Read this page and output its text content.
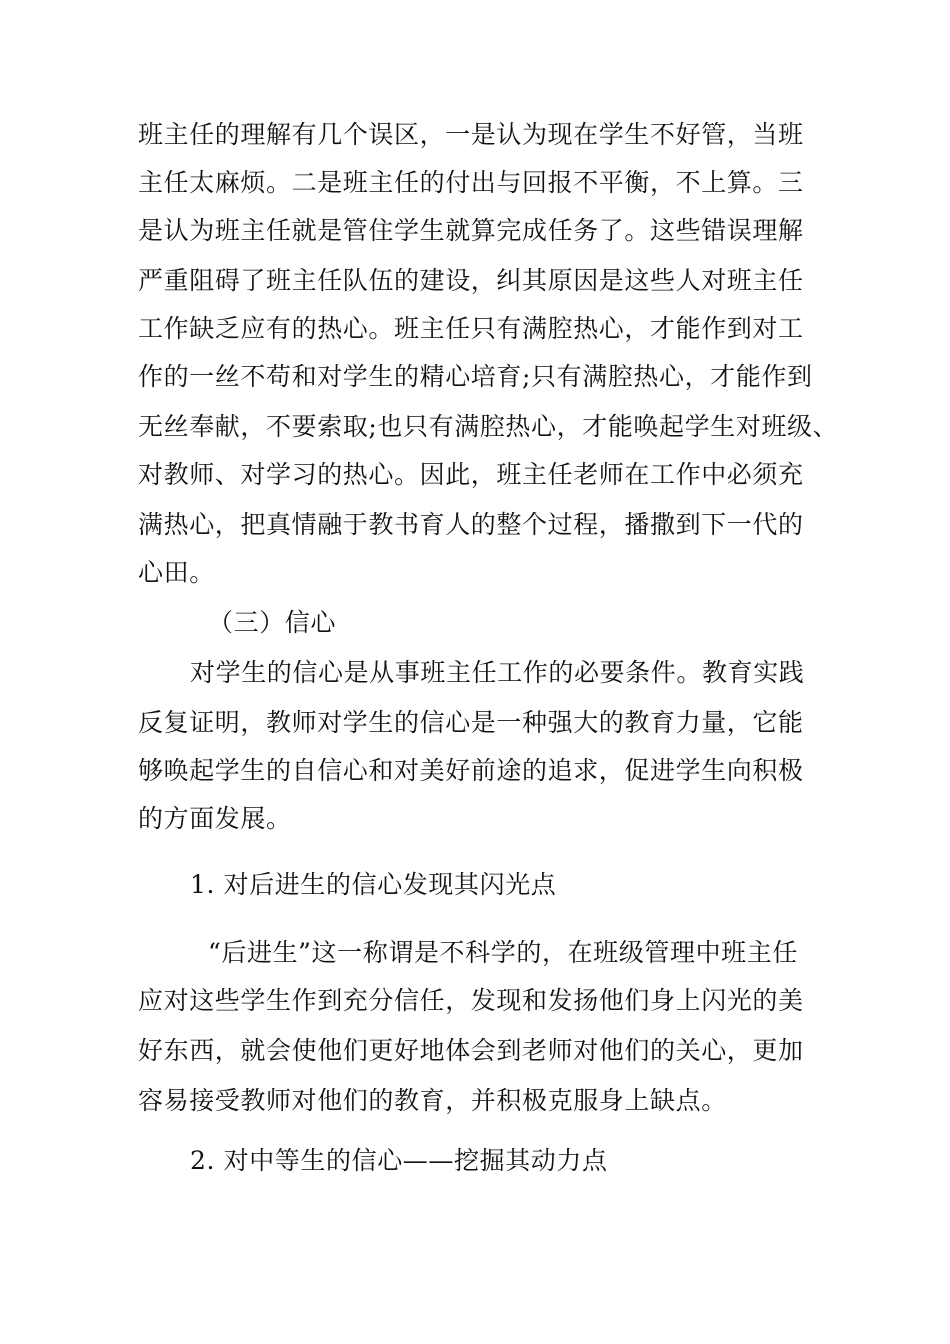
班主任的理解有几个误区，一是认为现在学生不好管，当班
主任太麻烦。二是班主任的付出与回报不平衡，不上算。三
是认为班主任就是管住学生就算完成任务了。这些错误理解
严重阻碍了班主任队伍的建设，纠其原因是这些人对班主任
工作缺乏应有的热心。班主任只有满腔热心，才能作到对工
作的一丝不苟和对学生的精心培育;只有满腔热心，才能作到
无丝奉献，不要索取;也只有满腔热心，才能唤起学生对班级、
对教师、对学习的热心。因此，班主任老师在工作中必须充
满热心，把真情融于教书育人的整个过程，播撒到下一代的
心田。
（三）信心
对学生的信心是从事班主任工作的必要条件。教育实践
反复证明，教师对学生的信心是一种强大的教育力量，它能
够唤起学生的自信心和对美好前途的追求，促进学生向积极
的方面发展。
1. 对后进生的信心发现其闪光点
“后进生”这一称谓是不科学的，在班级管理中班主任
应对这些学生作到充分信任，发现和发扬他们身上闪光的美
好东西，就会使他们更好地体会到老师对他们的关心，更加
容易接受教师对他们的教育，并积极克服身上缺点。
2. 对中等生的信心——挖掘其动力点
